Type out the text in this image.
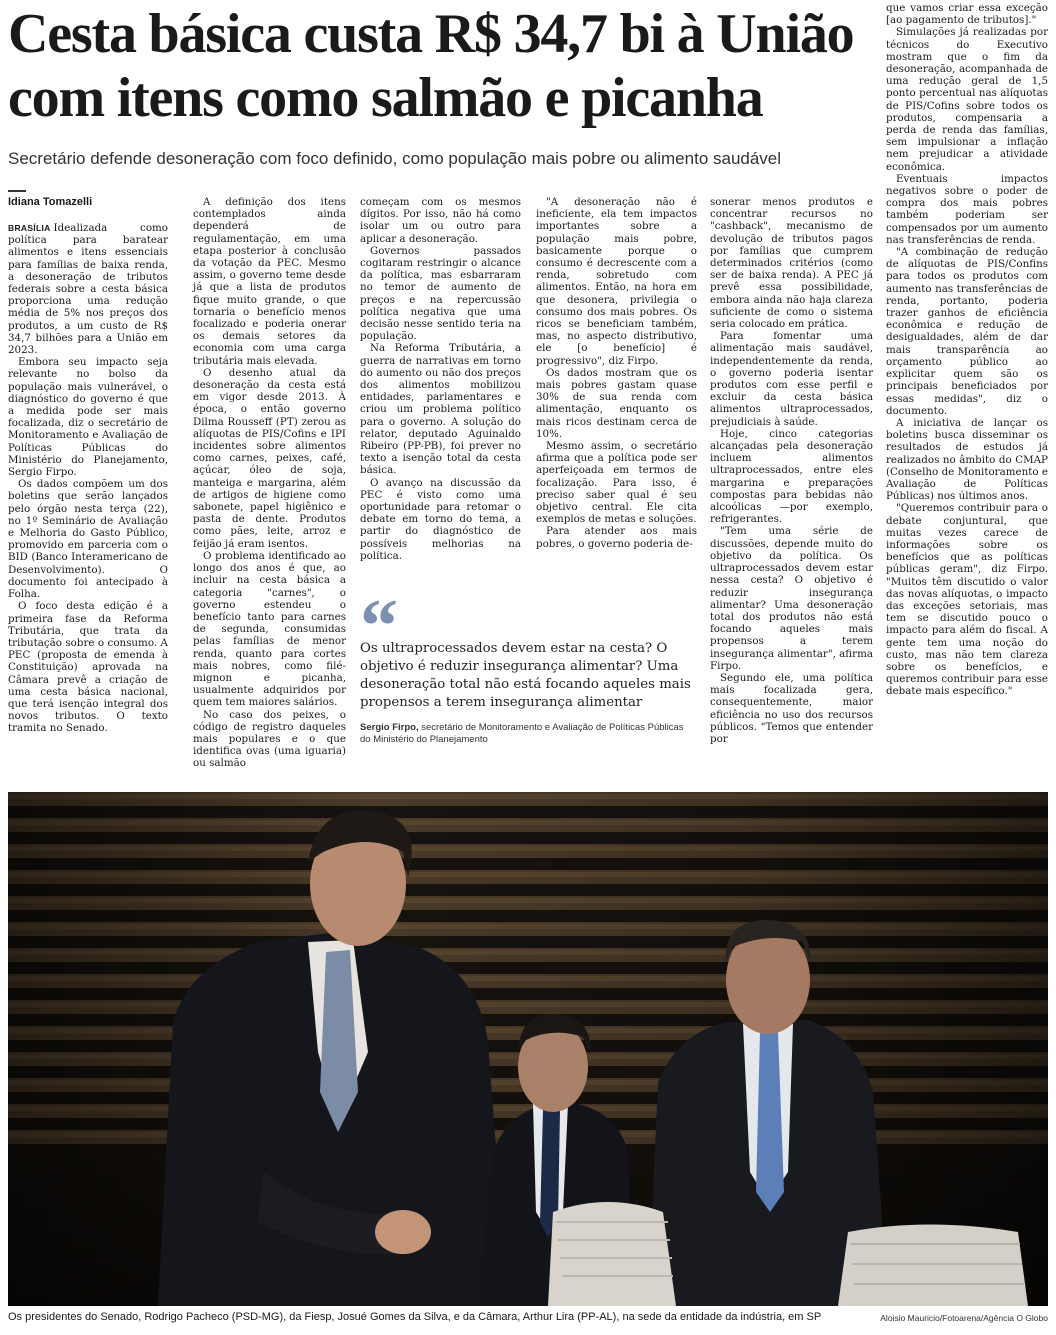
Cesta básica custa R$ 34,7 bi à União
com itens como salmão e picanha

Secretário defende desoneração com foco definido, como população mais pobre ou alimento saudável

Idiana Tomazelli

BRASÍLIA Idealizada como política para baratear alimentos e itens essenciais para famílias de baixa renda, a desoneração de tributos federais sobre a cesta básica proporciona uma redução média de 5% nos preços dos produtos, a um custo de R$ 34,7 bilhões para a União em 2023.

Embora seu impacto seja relevante no bolso da população mais vulnerável, o diagnóstico do governo é que a medida pode ser mais focalizada, diz o secretário de Monitoramento e Avaliação de Políticas Públicas do Ministério do Planejamento, Sergio Firpo.

Os dados compõem um dos boletins que serão lançados pelo órgão nesta terça (22), no 1º Seminário de Avaliação e Melhoria do Gasto Público, promovido em parceria com o BID (Banco Interamericano de Desenvolvimento). O documento foi antecipado à Folha.

O foco desta edição é a primeira fase da Reforma Tributária, que trata da tributação sobre o consumo. A PEC (proposta de emenda à Constituição) aprovada na Câmara prevê a criação de uma cesta básica nacional, que terá isenção integral dos novos tributos. O texto tramita no Senado.

A definição dos itens contemplados ainda dependerá de regulamentação, em uma etapa posterior à conclusão da votação da PEC. Mesmo assim, o governo teme desde já que a lista de produtos fique muito grande, o que tornaria o benefício menos focalizado e poderia onerar os demais setores da economia com uma carga tributária mais elevada.

O desenho atual da desoneração da cesta está em vigor desde 2013. À época, o então governo Dilma Rousseff (PT) zerou as alíquotas de PIS/Cofins e IPI incidentes sobre alimentos como carnes, peixes, café, açúcar, óleo de soja, manteiga e margarina, além de artigos de higiene como sabonete, papel higiênico e pasta de dente. Produtos como pães, leite, arroz e feijão já eram isentos.

O problema identificado ao longo dos anos é que, ao incluir na cesta básica a categoria "carnes", o governo estendeu o benefício tanto para carnes de segunda, consumidas pelas famílias de menor renda, quanto para cortes mais nobres, como filé-mignon e picanha, usualmente adquiridos por quem tem maiores salários.

No caso dos peixes, o código de registro daqueles mais populares e o que identifica ovas (uma iguaria) ou salmão

começam com os mesmos dígitos. Por isso, não há como isolar um ou outro para aplicar a desoneração.

Governos passados cogitaram restringir o alcance da política, mas esbarraram no temor de aumento de preços e na repercussão política negativa que uma decisão nesse sentido teria na população.

Na Reforma Tributária, a guerra de narrativas em torno do aumento ou não dos preços dos alimentos mobilizou entidades, parlamentares e criou um problema político para o governo. A solução do relator, deputado Aguinaldo Ribeiro (PP-PB), foi prever no texto a isenção total da cesta básica.

O avanço na discussão da PEC é visto como uma oportunidade para retomar o debate em torno do tema, a partir do diagnóstico de possíveis melhorias na política.

"A desoneração não é ineficiente, ela tem impactos importantes sobre a população mais pobre, basicamente porque o consumo é decrescente com a renda, sobretudo com alimentos. Então, na hora em que desonera, privilegia o consumo dos mais pobres. Os ricos se beneficiam também, mas, no aspecto distributivo, ele [o benefício] é progressivo", diz Firpo.

Os dados mostram que os mais pobres gastam quase 30% de sua renda com alimentação, enquanto os mais ricos destinam cerca de 10%.

Mesmo assim, o secretário afirma que a política pode ser aperfeiçoada em termos de focalização. Para isso, é preciso saber qual é seu objetivo central. Ele cita exemplos de metas e soluções.

Para atender aos mais pobres, o governo poderia de-

sonerar menos produtos e concentrar recursos no "cashback", mecanismo de devolução de tributos pagos por famílias que cumprem determinados critérios (como ser de baixa renda). A PEC já prevê essa possibilidade, embora ainda não haja clareza suficiente de como o sistema seria colocado em prática.

Para fomentar uma alimentação mais saudável, independentemente da renda, o governo poderia isentar produtos com esse perfil e excluir da cesta básica alimentos ultraprocessados, prejudiciais à saúde.

Hoje, cinco categorias alcançadas pela desoneração incluem alimentos ultraprocessados, entre eles margarina e preparações compostas para bebidas não alcoólicas —por exemplo, refrigerantes.

"Tem uma série de discussões, depende muito do objetivo da política. Os ultraprocessados devem estar nessa cesta? O objetivo é reduzir insegurança alimentar? Uma desoneração total dos produtos não está focando aqueles mais propensos a terem insegurança alimentar", afirma Firpo.

Segundo ele, uma política mais focalizada gera, consequentemente, maior eficiência no uso dos recursos públicos. "Temos que entender por

que vamos criar essa exceção [ao pagamento de tributos]."

Simulações já realizadas por técnicos do Executivo mostram que o fim da desoneração, acompanhada de uma redução geral de 1,5 ponto percentual nas alíquotas de PIS/Cofins sobre todos os produtos, compensaria a perda de renda das famílias, sem impulsionar a inflação nem prejudicar a atividade econômica.

Eventuais impactos negativos sobre o poder de compra dos mais pobres também poderiam ser compensados por um aumento nas transferências de renda.

"A combinação de redução de alíquotas de PIS/Confins para todos os produtos com aumento nas transferências de renda, portanto, poderia trazer ganhos de eficiência econômica e redução de desigualdades, além de dar mais transparência ao orçamento público ao explicitar quem são os principais beneficiados por essas medidas", diz o documento.

A iniciativa de lançar os boletins busca disseminar os resultados de estudos já realizados no âmbito do CMAP (Conselho de Monitoramento e Avaliação de Políticas Públicas) nos últimos anos.

"Queremos contribuir para o debate conjuntural, que muitas vezes carece de informações sobre os benefícios que as políticas públicas geram", diz Firpo. "Muitos têm discutido o valor das novas alíquotas, o impacto das exceções setoriais, mas tem se discutido pouco o impacto para além do fiscal. A gente tem uma noção do custo, mas não tem clareza sobre os benefícios, e queremos contribuir para esse debate mais específico."

“

Os ultraprocessados devem estar na cesta? O objetivo é reduzir insegurança alimentar? Uma desoneração total não está focando aqueles mais propensos a terem insegurança alimentar

Sergio Firpo, secretário de Monitoramento e Avaliação de Políticas Públicas do Ministério do Planejamento

Os presidentes do Senado, Rodrigo Pacheco (PSD-MG), da Fiesp, Josué Gomes da Silva, e da Câmara, Arthur Lira (PP-AL), na sede da entidade da indústria, em SP	Aloisio Mauricio/Fotoarena/Agência O Globo
